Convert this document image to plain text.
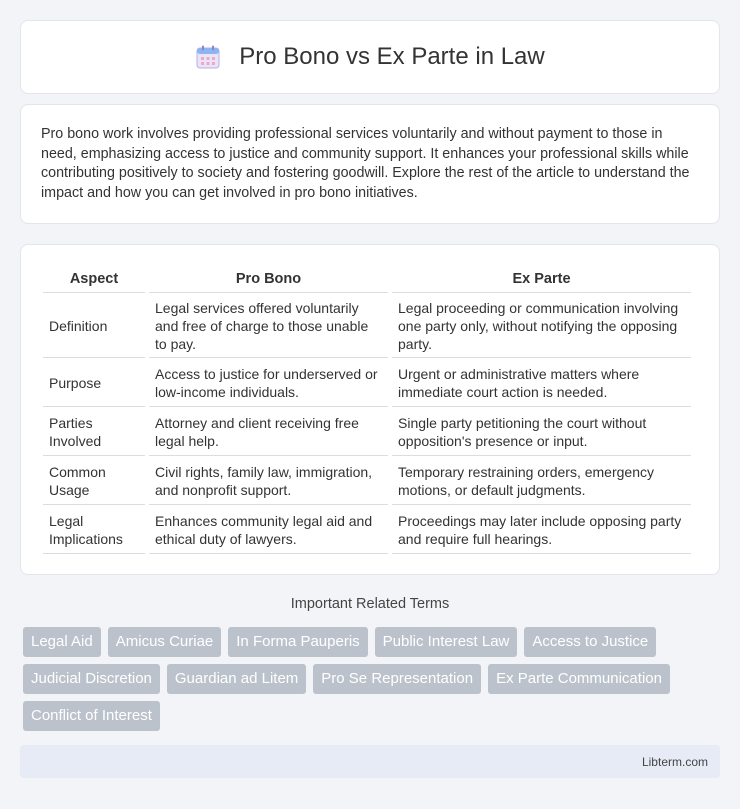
Pro Bono vs Ex Parte in Law

Pro bono work involves providing professional services voluntarily and without payment to those in need, emphasizing access to justice and community support. It enhances your professional skills while contributing positively to society and fostering goodwill. Explore the rest of the article to understand the impact and how you can get involved in pro bono initiatives.

Aspect	Pro Bono	Ex Parte
Definition	Legal services offered voluntarily and free of charge to those unable to pay.	Legal proceeding or communication involving one party only, without notifying the opposing party.
Purpose	Access to justice for underserved or low-income individuals.	Urgent or administrative matters where immediate court action is needed.
Parties Involved	Attorney and client receiving free legal help.	Single party petitioning the court without opposition's presence or input.
Common Usage	Civil rights, family law, immigration, and nonprofit support.	Temporary restraining orders, emergency motions, or default judgments.
Legal Implications	Enhances community legal aid and ethical duty of lawyers.	Proceedings may later include opposing party and require full hearings.
Important Related Terms
Legal Aid	Amicus Curiae	In Forma Pauperis	Public Interest Law	Access to Justice
Judicial Discretion	Guardian ad Litem	Pro Se Representation	Ex Parte Communication
Conflict of Interest
Libterm.com
